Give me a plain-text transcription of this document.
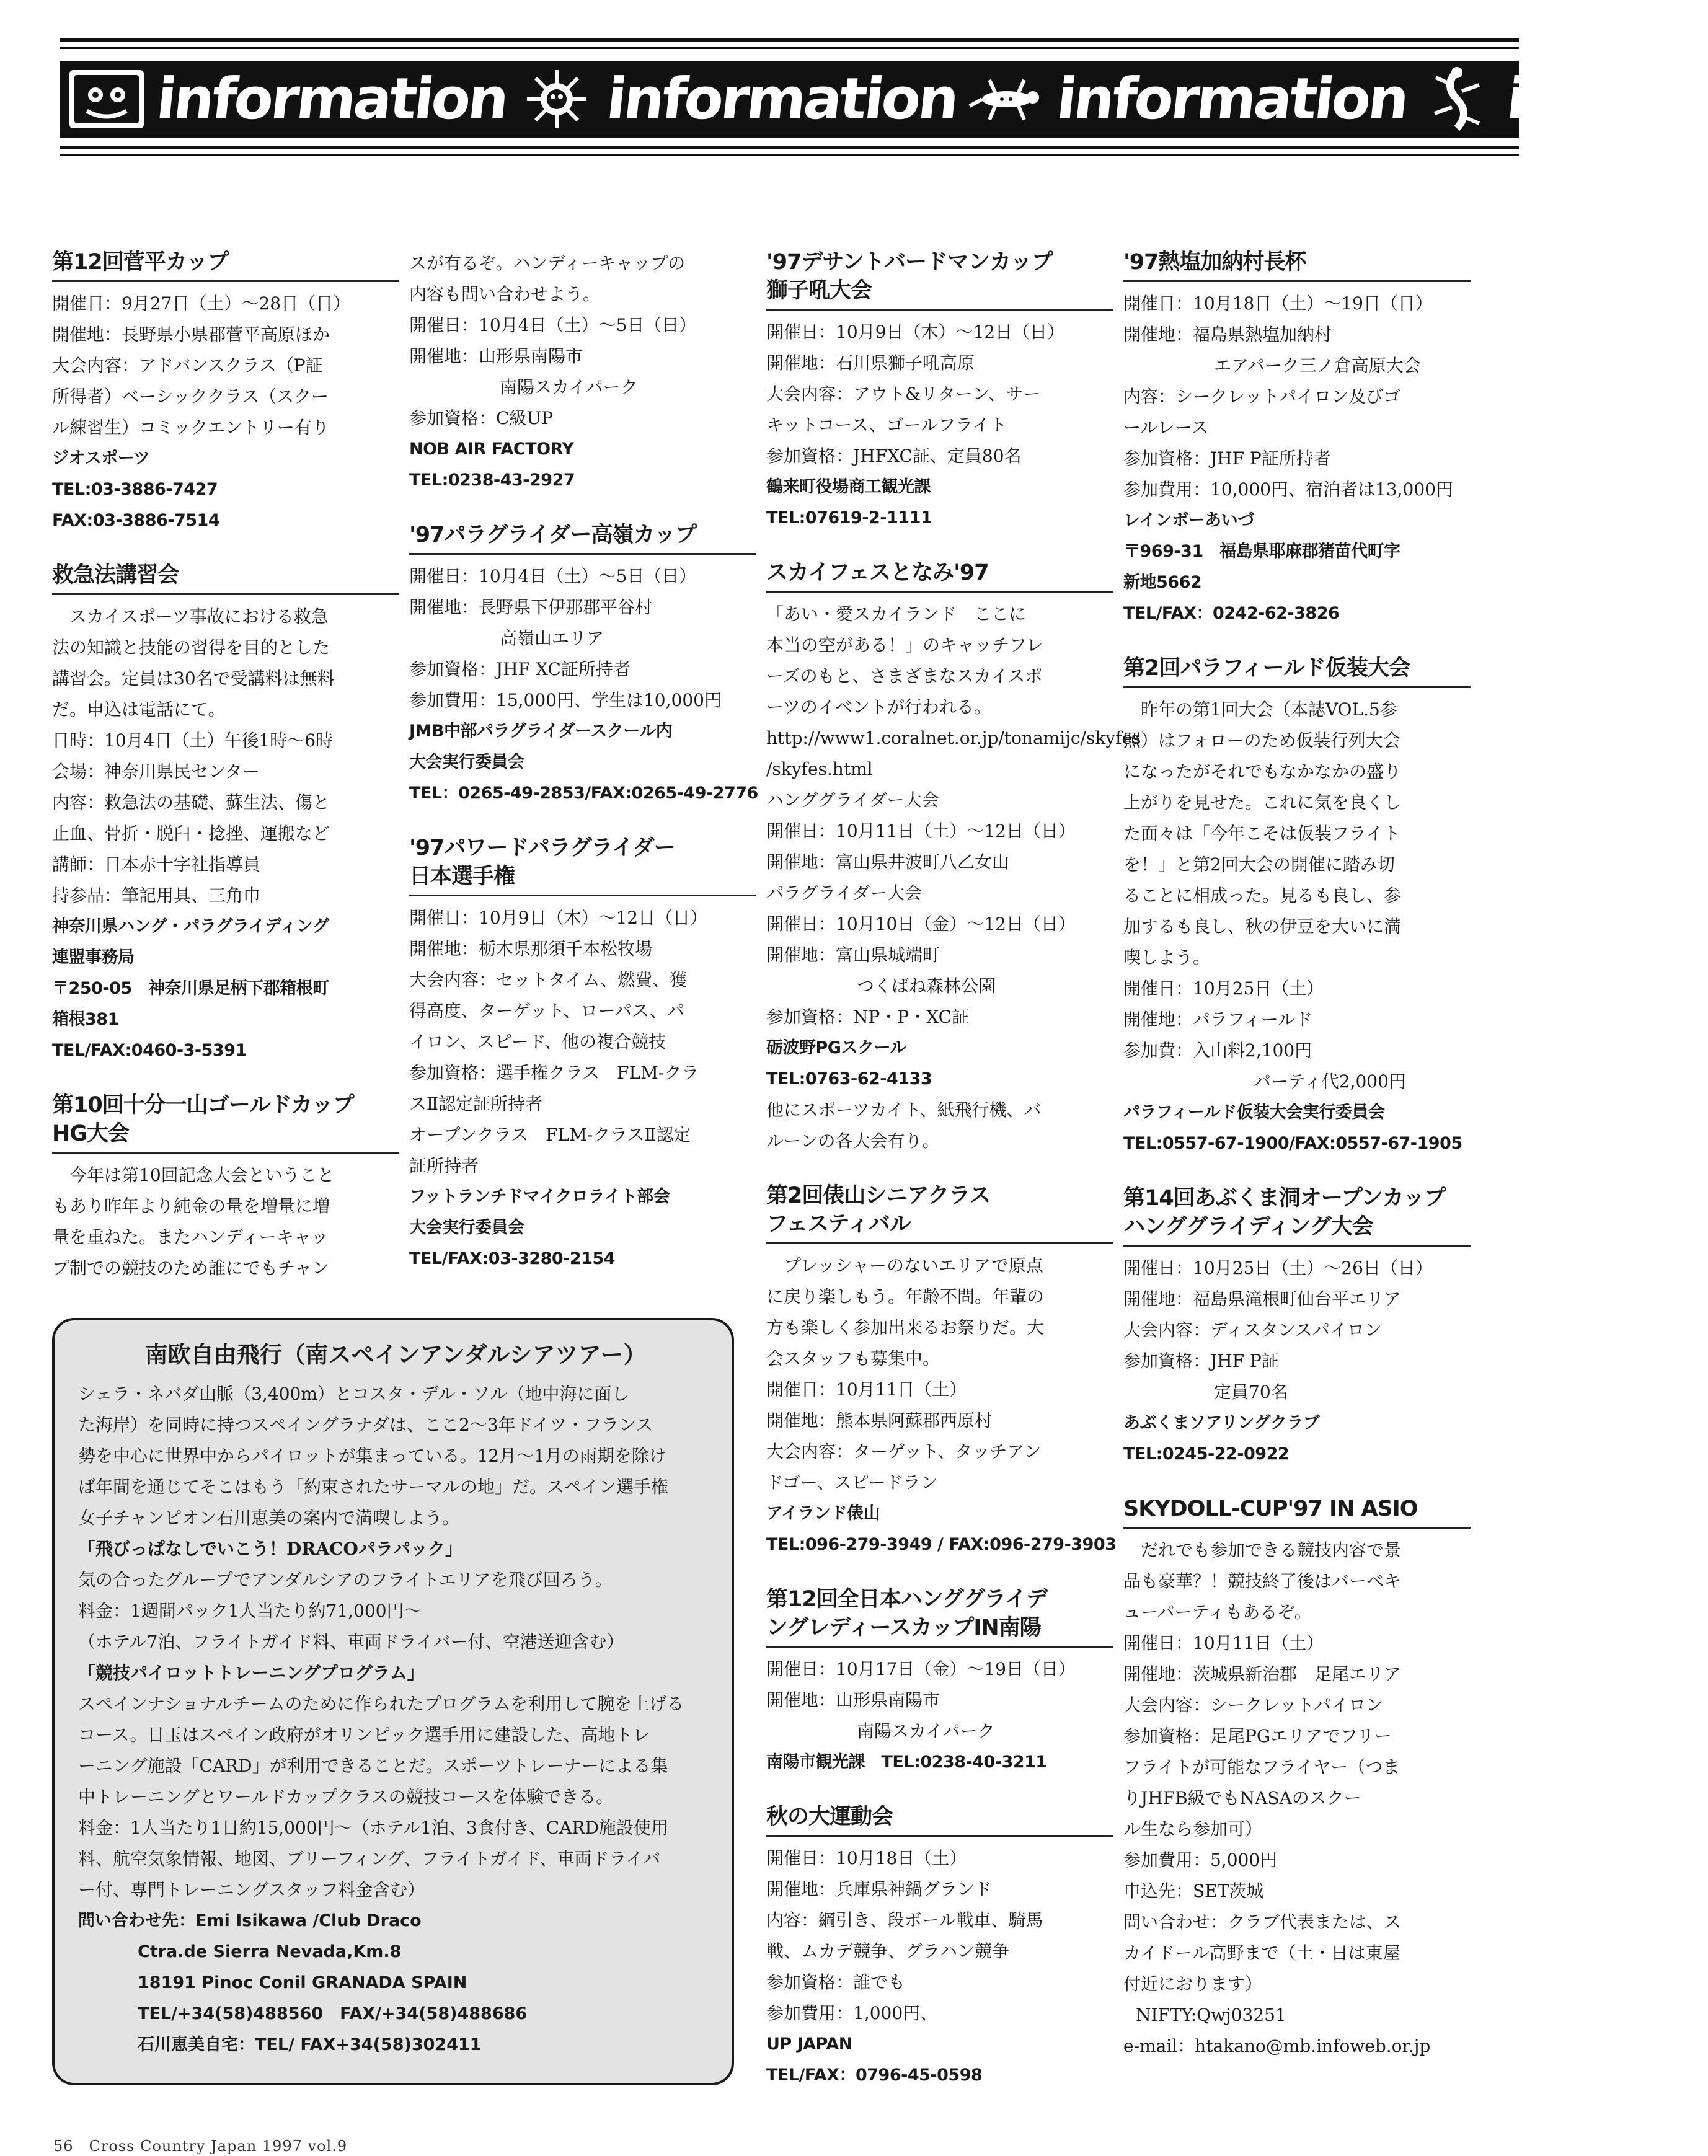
information information information inform
第12回菅平カップ
開催日：9月27日（土）〜28日（日）
開催地：長野県小県郡菅平高原ほか
大会内容：アドバンスクラス（P証
所得者）ベーシッククラス（スクー
ル練習生）コミックエントリー有り
ジオスポーツ
TEL:03-3886-7427
FAX:03-3886-7514
救急法講習会
　スカイスポーツ事故における救急
法の知識と技能の習得を目的とした
講習会。定員は30名で受講料は無料
だ。申込は電話にて。
日時：10月4日（土）午後1時〜6時
会場：神奈川県民センター
内容：救急法の基礎、蘇生法、傷と
止血、骨折・脱臼・捻挫、運搬など
講師：日本赤十字社指導員
持参品：筆記用具、三角巾
神奈川県ハング・パラグライディング
連盟事務局
〒250-05　神奈川県足柄下郡箱根町
箱根381
TEL/FAX:0460-3-5391
第10回十分一山ゴールドカップ
HG大会
　今年は第10回記念大会ということ
もあり昨年より純金の量を増量に増
量を重ねた。またハンディーキャッ
プ制での競技のため誰にでもチャン
スが有るぞ。ハンディーキャップの
内容も問い合わせよう。
開催日：10月4日（土）〜5日（日）
開催地：山形県南陽市
南陽スカイパーク
参加資格：C級UP
NOB AIR FACTORY
TEL:0238-43-2927
'97パラグライダー高嶺カップ
開催日：10月4日（土）〜5日（日）
開催地：長野県下伊那郡平谷村
高嶺山エリア
参加資格：JHF XC証所持者
参加費用：15,000円、学生は10,000円
JMB中部パラグライダースクール内
大会実行委員会
TEL：0265-49-2853/FAX:0265-49-2776
'97パワードパラグライダー
日本選手権
開催日：10月9日（木）〜12日（日）
開催地：栃木県那須千本松牧場
大会内容：セットタイム、燃費、獲
得高度、ターゲット、ローパス、パ
イロン、スピード、他の複合競技
参加資格：選手権クラス　FLM-クラ
スⅡ認定証所持者
オープンクラス　FLM-クラスⅡ認定
証所持者
フットランチドマイクロライト部会
大会実行委員会
TEL/FAX:03-3280-2154
'97デサントバードマンカップ
獅子吼大会
開催日：10月9日（木）〜12日（日）
開催地：石川県獅子吼高原
大会内容：アウト&リターン、サー
キットコース、ゴールフライト
参加資格：JHFXC証、定員80名
鶴来町役場商工観光課
TEL:07619-2-1111
スカイフェスとなみ'97
「あい・愛スカイランド　ここに
本当の空がある！」のキャッチフレ
ーズのもと、さまざまなスカイスポ
ーツのイベントが行われる。
http://www1.coralnet.or.jp/tonamijc/skyfes
/skyfes.html
ハンググライダー大会
開催日：10月11日（土）〜12日（日）
開催地：富山県井波町八乙女山
パラグライダー大会
開催日：10月10日（金）〜12日（日）
開催地：富山県城端町
つくばね森林公園
参加資格：NP・P・XC証
砺波野PGスクール
TEL:0763-62-4133
他にスポーツカイト、紙飛行機、バ
ルーンの各大会有り。
第2回俵山シニアクラス
フェスティバル
　プレッシャーのないエリアで原点
に戻り楽しもう。年齢不問。年輩の
方も楽しく参加出来るお祭りだ。大
会スタッフも募集中。
開催日：10月11日（土）
開催地：熊本県阿蘇郡西原村
大会内容：ターゲット、タッチアン
ドゴー、スピードラン
アイランド俵山
TEL:096-279-3949 / FAX:096-279-3903
第12回全日本ハンググライデ
ングレディースカップIN南陽
開催日：10月17日（金）〜19日（日）
開催地：山形県南陽市
南陽スカイパーク
南陽市観光課　TEL:0238-40-3211
秋の大運動会
開催日：10月18日（土）
開催地：兵庫県神鍋グランド
内容：綱引き、段ボール戦車、騎馬
戦、ムカデ競争、グラハン競争
参加資格：誰でも
参加費用：1,000円、
UP JAPAN
TEL/FAX：0796-45-0598
'97熱塩加納村長杯
開催日：10月18日（土）〜19日（日）
開催地：福島県熱塩加納村
エアパーク三ノ倉高原大会
内容：シークレットパイロン及びゴ
ールレース
参加資格：JHF P証所持者
参加費用：10,000円、宿泊者は13,000円
レインボーあいづ
〒969-31　福島県耶麻郡猪苗代町字
新地5662
TEL/FAX：0242-62-3826
第2回パラフィールド仮装大会
　昨年の第1回大会（本誌VOL.5参
照）はフォローのため仮装行列大会
になったがそれでもなかなかの盛り
上がりを見せた。これに気を良くし
た面々は「今年こそは仮装フライト
を！」と第2回大会の開催に踏み切
ることに相成った。見るも良し、参
加するも良し、秋の伊豆を大いに満
喫しよう。
開催日：10月25日（土）
開催地：パラフィールド
参加費：入山料2,100円
パーティ代2,000円
パラフィールド仮装大会実行委員会
TEL:0557-67-1900/FAX:0557-67-1905
第14回あぶくま洞オープンカップ
ハンググライディング大会
開催日：10月25日（土）〜26日（日）
開催地：福島県滝根町仙台平エリア
大会内容：ディスタンスパイロン
参加資格：JHF P証
定員70名
あぶくまソアリングクラブ
TEL:0245-22-0922
SKYDOLL-CUP'97 IN ASIO
　だれでも参加できる競技内容で景
品も豪華？！競技終了後はバーベキ
ューパーティもあるぞ。
開催日：10月11日（土）
開催地：茨城県新治郡　足尾エリア
大会内容：シークレットパイロン
参加資格：足尾PGエリアでフリー
フライトが可能なフライヤー（つま
りJHFB級でもNASAのスクー
ル生なら参加可）
参加費用：5,000円
申込先：SET茨城
問い合わせ：クラブ代表または、ス
カイドール高野まで（土・日は東屋
付近におります）
NIFTY:Qwj03251
e-mail：htakano@mb.infoweb.or.jp
南欧自由飛行（南スペインアンダルシアツアー）
シェラ・ネバダ山脈（3,400m）とコスタ・デル・ソル（地中海に面し
た海岸）を同時に持つスペイングラナダは、ここ2〜3年ドイツ・フランス
勢を中心に世界中からパイロットが集まっている。12月〜1月の雨期を除け
ば年間を通じてそこはもう「約束されたサーマルの地」だ。スペイン選手権
女子チャンピオン石川恵美の案内で満喫しよう。
「飛びっぱなしでいこう！DRACOパラパック」
気の合ったグループでアンダルシアのフライトエリアを飛び回ろう。
料金：1週間パック1人当たり約71,000円〜
（ホテル7泊、フライトガイド料、車両ドライバー付、空港送迎含む）
「競技パイロットトレーニングプログラム」
スペインナショナルチームのために作られたプログラムを利用して腕を上げる
コース。日玉はスペイン政府がオリンピック選手用に建設した、高地トレ
ーニング施設「CARD」が利用できることだ。スポーツトレーナーによる集
中トレーニングとワールドカップクラスの競技コースを体験できる。
料金：1人当たり1日約15,000円〜（ホテル1泊、3食付き、CARD施設使用
料、航空気象情報、地図、ブリーフィング、フライトガイド、車両ドライバ
ー付、専門トレーニングスタッフ料金含む）
問い合わせ先：Emi Isikawa /Club Draco
Ctra.de Sierra Nevada,Km.8
18191 Pinoc Conil GRANADA SPAIN
TEL/+34(58)488560　FAX/+34(58)488686
石川恵美自宅：TEL/ FAX+34(58)302411
56　Cross Country Japan 1997 vol.9
